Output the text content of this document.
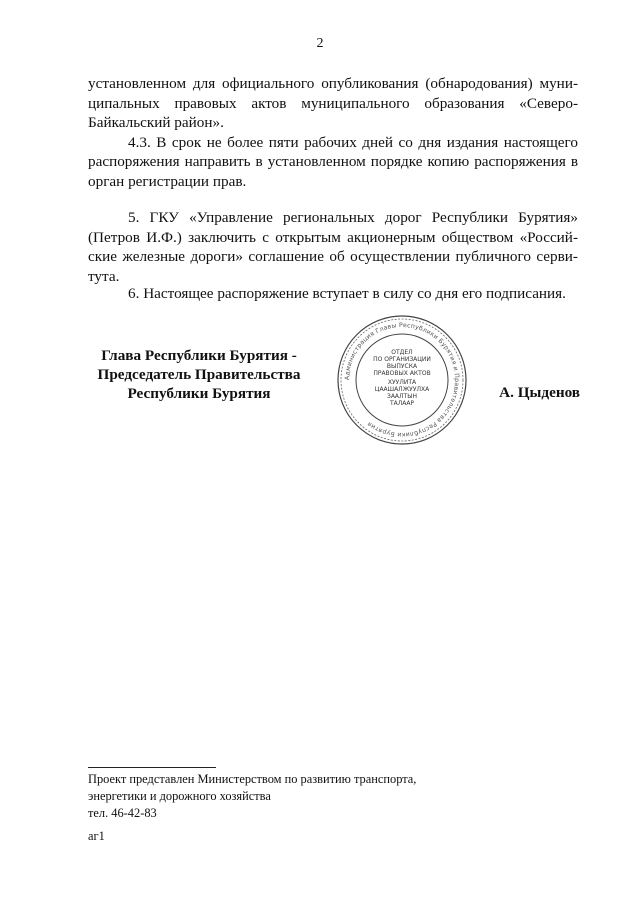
2

установленном для официального опубликования (обнародования) муни-ципальных правовых актов муниципального образования «Северо-Байкальский район».

4.3. В срок не более пяти рабочих дней со дня издания настоящего распоряжения направить в установленном порядке копию распоряжения в орган регистрации прав.

5. ГКУ «Управление региональных дорог Республики Бурятия» (Петров И.Ф.) заключить с открытым акционерным обществом «Россий-ские железные дороги» соглашение об осуществлении публичного серви-тута.

6. Настоящее распоряжение вступает в силу со дня его подписания.

Глава Республики Бурятия -
Председатель Правительства
Республики Бурятия
Администрация Главы Республики Бурятия и Правительства Республики Бурятия
ОТДЕЛ
ПО ОРГАНИЗАЦИИ
ВЫПУСКА
ПРАВОВЫХ АКТОВ
ХУУЛИТА
ЦААШАЛЖУУЛХА
ЗААЛТЫН
ТАЛААР
А. Цыденов
Проект представлен Министерством по развитию транспорта,
энергетики и дорожного хозяйства
тел. 46-42-83
аг1
